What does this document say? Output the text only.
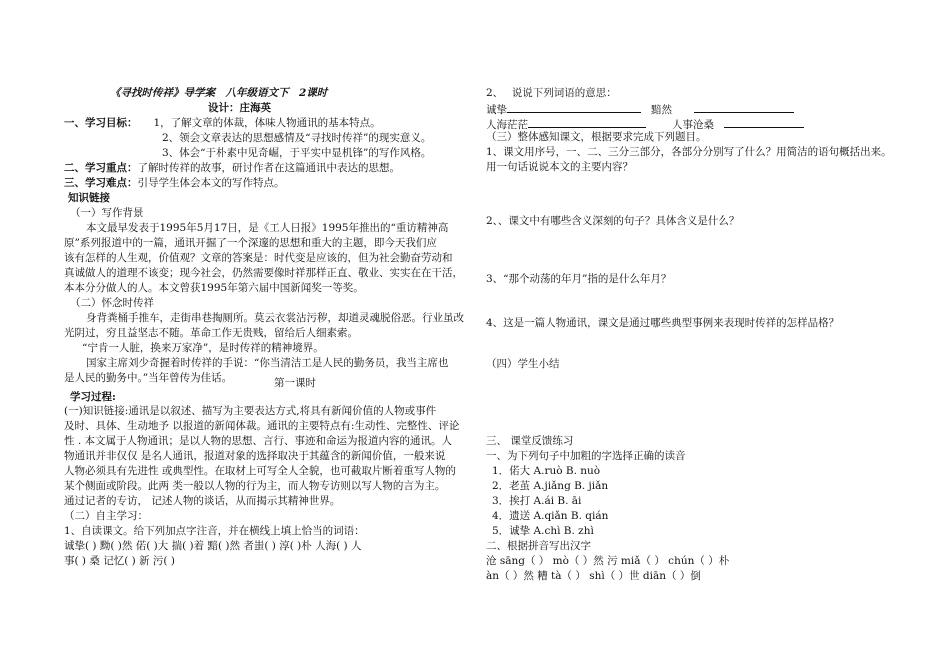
《寻找时传祥》导学案　八年级语文下　2课时
设计：庄海英
一、学习目标： 1，了解文章的体裁，体味人物通讯的基本特点。
2、领会文章表达的思想感情及“寻找时传祥”的现实意义。
3、体会“于朴素中见奇崛，于平实中显机锋”的写作风格。
二、学习重点：了解时传祥的故事，研讨作者在这篇通讯中表达的思想。
三、学习难点：引导学生体会本文的写作特点。
知识链接
（一）写作背景
本文最早发表于1995年5月17日，是《工人日报》1995年推出的“重访精神高
原”系列报道中的一篇，通讯开掘了一个深邃的思想和重大的主题，即今天我们应
该有怎样的人生观，价值观？文章的答案是：时代变是应该的，但为社会勤奋劳动和
真诚做人的道理不该变；现今社会，仍然需要像时祥那样正直、敬业、实实在在干活，
本本分分做人的人。本文曾获1995年第六届中国新闻奖一等奖。
（二）怀念时传祥
身背粪桶手推车，走街串巷掏厕所。莫云衣裳沾污秽，却道灵魂脱俗恶。行业虽改
光阴过，穷且益坚志不随。革命工作无贵贱，留给后人细素索。
“宁肯一人脏，换来万家净”，是时传祥的精神境界。
国家主席刘少奇握着时传祥的手说：“你当清洁工是人民的勤务员，我当主席也
是人民的勤务中。”当年曾传为佳话。	第一课时
学习过程:
(一)知识链接:通讯是以叙述、描写为主要表达方式,将具有新闻价值的人物或事件
及时、具体、生动地予 以报道的新闻体裁。通讯的主要特点有:生动性、完整性、评论
性 . 本文属于人物通讯；是以人物的思想、言行、事迹和命运为报道内容的通讯。人
物通讯并非仅仅 是名人通讯，报道对象的选择取决于其蕴含的新闻价值，一般来说
人物必须具有先进性 或典型性。在取材上可写全人全貌，也可截取片断着重写人物的
某个侧面或阶段。此两 类一般以人物的行为主，而人物专访则以写人物的言为主。
通过记者的专访， 记述人物的谈话，从而揭示其精神世界。
（二）自主学习：
1、自读课文。给下列加点字注音，并在横线上填上恰当的词语：
诚挚( ) 黝( )然 偌( )大 揣( )着 黯( )然 者蚩( ) 淳( )朴 人海( ) 人
事( ) 桑 记忆( ) 新 污( )
2、　 说说下列词语的意思：
诚挚	黯然
人海茫茫	人事沧桑
（三）整体感知课文，根据要求完成下列题目。
1、课文用序号，一、二、三分三部分，各部分分别写了什么？用简洁的语句概括出来。
用一句话说说本文的主要内容？
2、、课文中有哪些含义深刻的句子？具体含义是什么？
3、“那个动荡的年月”指的是什么年月？
4、这是一篇人物通讯，课文是通过哪些典型事例来表现时传祥的怎样品格？
（四）学生小结
三、 课堂反馈练习
一、为下列句子中加粗的字选择正确的读音
1．偌大 A.ruò B. nuò
2．老茧 A.jiǎng B. jiǎn
3．挨打 A.ái B. āi
4．遗送 A.qiǎn B. qián
5．诚挚 A.chì B. zhì
二、根据拼音写出汉字
沧 sāng（ ） mò（ ）然 污 miǎ（ ） chún（ ）朴
àn（ ）然 糟 tà（ ） shì（ ）世 diān（ ）倒
